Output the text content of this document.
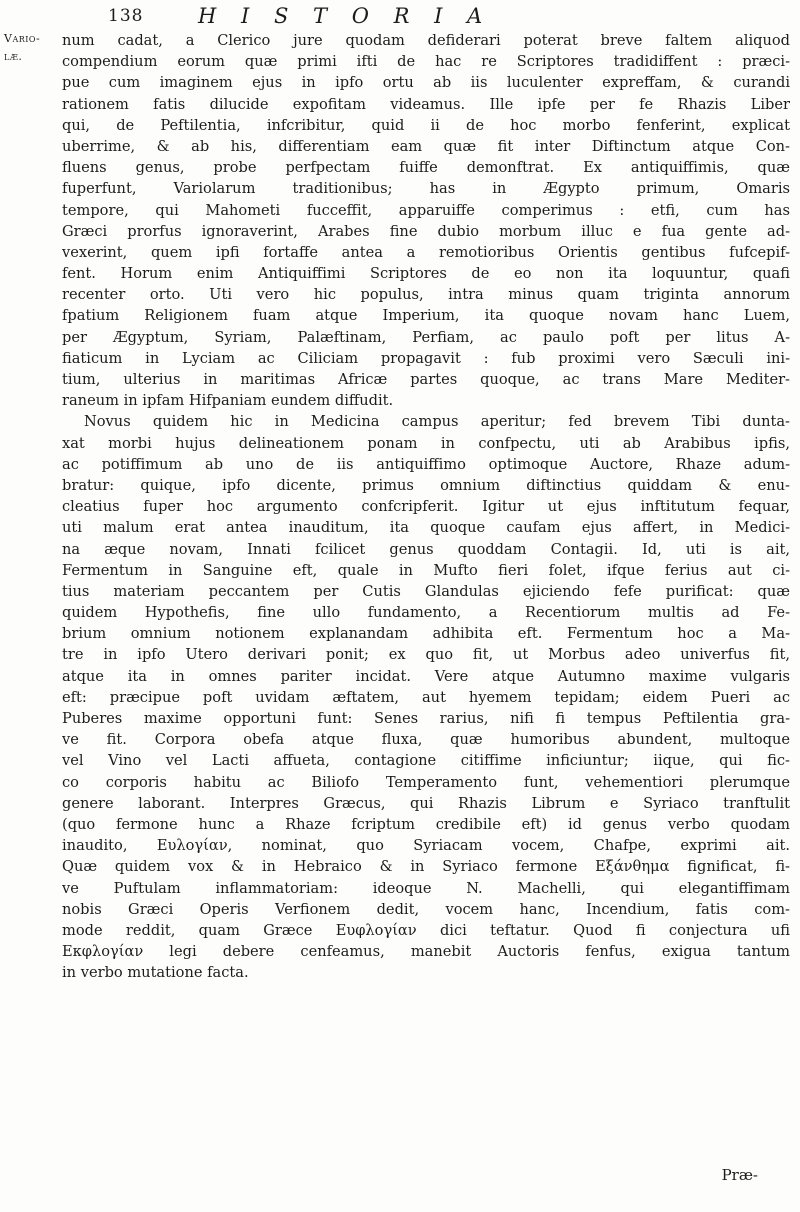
138	H I S T O R I A
Vario-
læ.
num cadat, a Clerico jure quodam defiderari poterat breve faltem aliquod
compendium eorum quæ primi ifti de hac re Scriptores tradidiffent : præci-
pue cum imaginem ejus in ipfo ortu ab iis luculenter expreffam, & curandi
rationem fatis dilucide expofitam videamus. Ille ipfe per fe Rhazis Liber
qui, de Peftilentia, infcribitur, quid ii de hoc morbo fenferint, explicat
uberrime, & ab his, differentiam eam quæ fit inter Diftinctum atque Con-
fluens genus, probe perfpectam fuiffe demonftrat. Ex antiquiffimis, quæ
fuperfunt, Variolarum traditionibus; has in Ægypto primum, Omaris
tempore, qui Mahometi fucceffit, apparuiffe comperimus : etfi, cum has
Græci prorfus ignoraverint, Arabes fine dubio morbum illuc e fua gente ad-
vexerint, quem ipfi fortaffe antea a remotioribus Orientis gentibus fufcepif-
fent. Horum enim Antiquiffimi Scriptores de eo non ita loquuntur, quafi
recenter orto. Uti vero hic populus, intra minus quam triginta annorum
fpatium Religionem fuam atque Imperium, ita quoque novam hanc Luem,
per Ægyptum, Syriam, Palæftinam, Perfiam, ac paulo poft per litus A-
fiaticum in Lyciam ac Ciliciam propagavit : fub proximi vero Sæculi ini-
tium, ulterius in maritimas Africæ partes quoque, ac trans Mare Mediter-
raneum in ipfam Hifpaniam eundem diffudit.
Novus quidem hic in Medicina campus aperitur; fed brevem Tibi dunta-
xat morbi hujus delineationem ponam in confpectu, uti ab Arabibus ipfis,
ac potiffimum ab uno de iis antiquiffimo optimoque Auctore, Rhaze adum-
bratur: quique, ipfo dicente, primus omnium diftinctius quiddam & enu-
cleatius fuper hoc argumento confcripferit. Igitur ut ejus inftitutum fequar,
uti malum erat antea inauditum, ita quoque caufam ejus affert, in Medici-
na æque novam, Innati fcilicet genus quoddam Contagii. Id, uti is ait,
Fermentum in Sanguine eft, quale in Mufto fieri folet, ifque ferius aut ci-
tius materiam peccantem per Cutis Glandulas ejiciendo fefe purificat: quæ
quidem Hypothefis, fine ullo fundamento, a Recentiorum multis ad Fe-
brium omnium notionem explanandam adhibita eft. Fermentum hoc a Ma-
tre in ipfo Utero derivari ponit; ex quo fit, ut Morbus adeo univerfus fit,
atque ita in omnes pariter incidat. Vere atque Autumno maxime vulgaris
eft: præcipue poft uvidam æftatem, aut hyemem tepidam; eidem Pueri ac
Puberes maxime opportuni funt: Senes rarius, nifi fi tempus Peftilentia gra-
ve fit. Corpora obefa atque fluxa, quæ humoribus abundent, multoque
vel Vino vel Lacti affueta, contagione citiffime inficiuntur; iique, qui fic-
co corporis habitu ac Biliofo Temperamento funt, vehementiori plerumque
genere laborant. Interpres Græcus, qui Rhazis Librum e Syriaco tranftulit
(quo fermone hunc a Rhaze fcriptum credibile eft) id genus verbo quodam
inaudito, Ευλογίαν, nominat, quo Syriacam vocem, Chafpe, exprimi ait.
Quæ quidem vox & in Hebraico & in Syriaco fermone Εξάνθημα fignificat, fi-
ve Puftulam inflammatoriam: ideoque N. Machelli, qui elegantiffimam
nobis Græci Operis Verfionem dedit, vocem hanc, Incendium, fatis com-
mode reddit, quam Græce Ευφλογίαν dici teftatur. Quod fi conjectura ufi
Εκφλογίαν legi debere cenfeamus, manebit Auctoris fenfus, exigua tantum
in verbo mutatione facta.
Præ-
